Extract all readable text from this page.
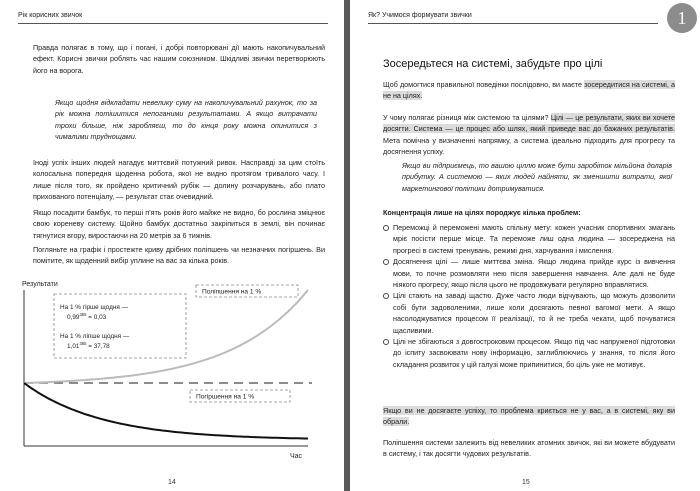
Рік корисних звичок

Правда полягає в тому, що і погані, і добрі повторювані дії мають накопичувальний ефект. Корисні звички роблять час нашим союзником. Шкідливі звички перетворюють його на ворога.

Якщо щодня відкладати невелику суму на накопичувальний рахунок, то за рік можна потішитися непоганими результатами. А якщо витрачати трохи більше, ніж заробляєш, то до кінця року можна опинитися з чималими труднощами.

Іноді успіх інших людей нагадує миттєвий потужний ривок. Насправді за цим стоїть колосальна попередня щоденна робота, якої не видно протягом тривалого часу. І лише після того, як пройдено критичний рубіж — долину розчарувань, або плато прихованого потенціалу, — результат стає очевидний.

Якщо посадити бамбук, то перші п'ять років його майже не видно, бо рослина зміцнює свою кореневу систему. Щойно бамбук достатньо закріпиться в землі, він починає тягнутися вгору, виростаючи на 20 метрів за 6 тижнів.

Погляньте на графік і простежте криву дрібних поліпшень чи незначних погіршень. Ви помітите, як щоденний вибір уплине на вас за кілька років.

Результати
Час
На 1 % гірше щодня —
$0,99^{365} = 0,03$
На 1 % ліпше щодня —
$1,01^{365} = 37,78$
Поліпшення на 1 %
Погіршення на 1 %
14
Як? Учимося формувати звички	1
Зосередьтеся на системі, забудьте про цілі

Щоб домогтися правильної поведінки послідовно, ви маєте зосередитися на системі, а не на цілях.

У чому полягає різниця між системою та цілями? Цілі — це результати, яких ви хочете досягти. Система — це процес або шлях, який приведе вас до бажаних результатів. Мета помічна у визначенні напрямку, а система ідеально підходить для прогресу та досягнення успіху.

Якщо ви підприємець, то вашою ціллю може бути заробіток мільйона доларів прибутку. А системою — яких людей найняти, як зменшити витрати, якої маркетингової політики дотримуватися.

Концентрація лише на цілях породжує кілька проблем:

Переможці й переможені мають спільну мету: кожен учасник спортивних змагань мріє посісти перше місце. Та переможе лиш одна людина — зосереджена на прогресі в системі тренувань, режимі дня, харчування і мислення.
Досягнення цілі — лише миттєва зміна. Якщо людина прийде курс із вивчення мови, то почне розмовляти нею після завершення навчання. Але далі не буде ніякого прогресу, якщо після цього не продовжувати регулярно вправлятися.
Цілі стають на заваді щастю. Дуже часто люди відчувають, що можуть дозволити собі бути задоволеними, лише коли досягають певної вагомої мети. А якщо насолоджуватися процесом її реалізації, то й не треба чекати, щоб почуватися щасливими.
Цілі не збігаються з довгостроковим процесом. Якщо під час напруженої підготовки до іспиту засвоювати нову інформацію, заглиблюючись у знання, то після його складання розвиток у цій галузі може припинитися, бо ціль уже не мотивує.

Якщо ви не досягаєте успіху, то проблема криється не у вас, а в системі, яку ви обрали.

Поліпшення системи залежить від невеликих атомних звичок, які ви можете вбудувати в систему, і так досягти чудових результатів.

15
